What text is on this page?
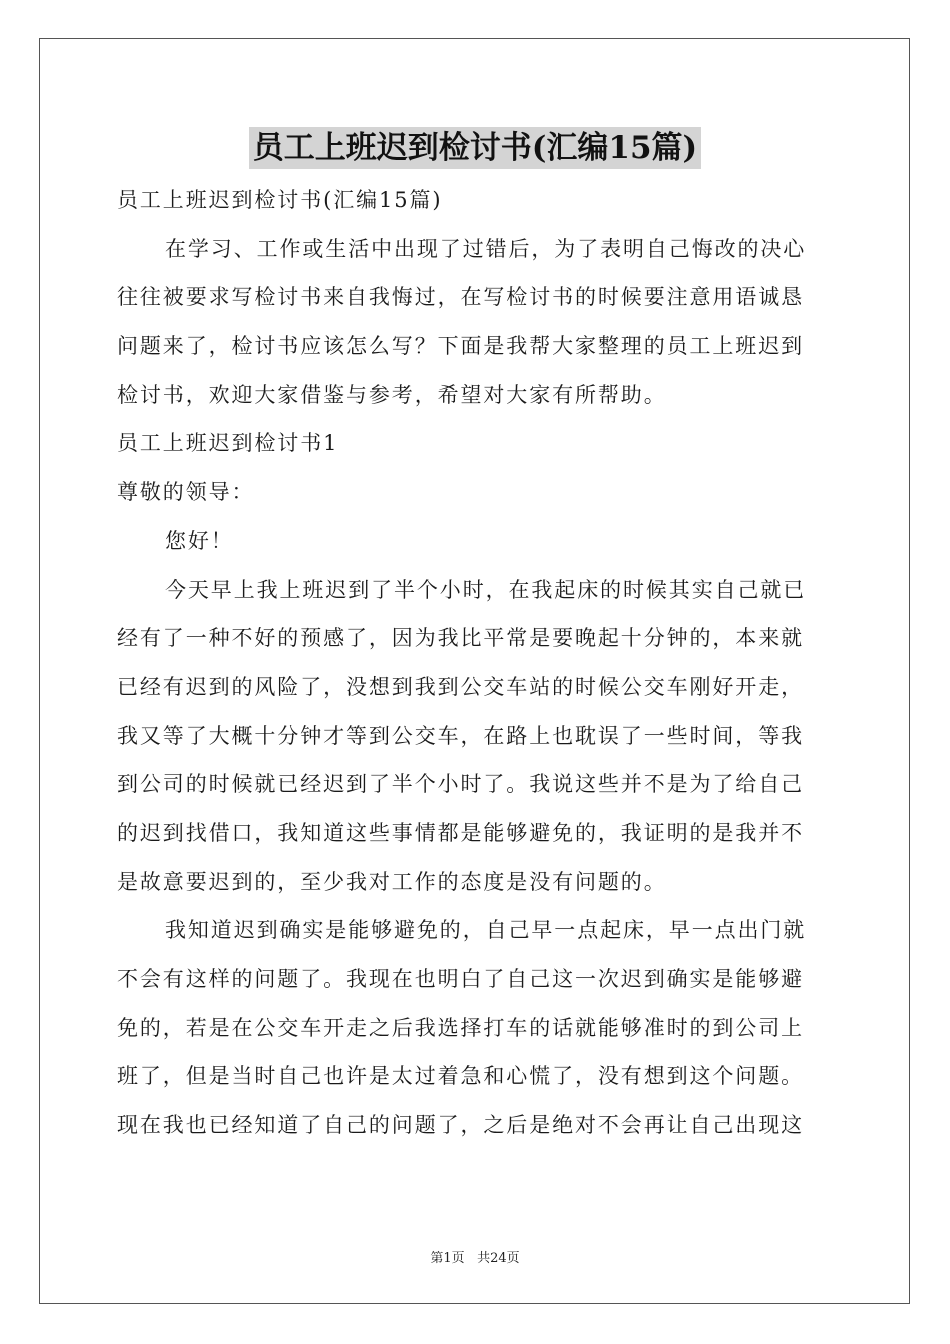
员工上班迟到检讨书(汇编15篇)
员工上班迟到检讨书(汇编15篇)
在学习、工作或生活中出现了过错后，为了表明自己悔改的决心
往往被要求写检讨书来自我悔过，在写检讨书的时候要注意用语诚恳
问题来了，检讨书应该怎么写？下面是我帮大家整理的员工上班迟到
检讨书，欢迎大家借鉴与参考，希望对大家有所帮助。
员工上班迟到检讨书1
尊敬的领导：
您好！
今天早上我上班迟到了半个小时，在我起床的时候其实自己就已
经有了一种不好的预感了，因为我比平常是要晚起十分钟的，本来就
已经有迟到的风险了，没想到我到公交车站的时候公交车刚好开走，
我又等了大概十分钟才等到公交车，在路上也耽误了一些时间，等我
到公司的时候就已经迟到了半个小时了。我说这些并不是为了给自己
的迟到找借口，我知道这些事情都是能够避免的，我证明的是我并不
是故意要迟到的，至少我对工作的态度是没有问题的。
我知道迟到确实是能够避免的，自己早一点起床，早一点出门就
不会有这样的问题了。我现在也明白了自己这一次迟到确实是能够避
免的，若是在公交车开走之后我选择打车的话就能够准时的到公司上
班了，但是当时自己也许是太过着急和心慌了，没有想到这个问题。
现在我也已经知道了自己的问题了，之后是绝对不会再让自己出现这
第1页 共24页
